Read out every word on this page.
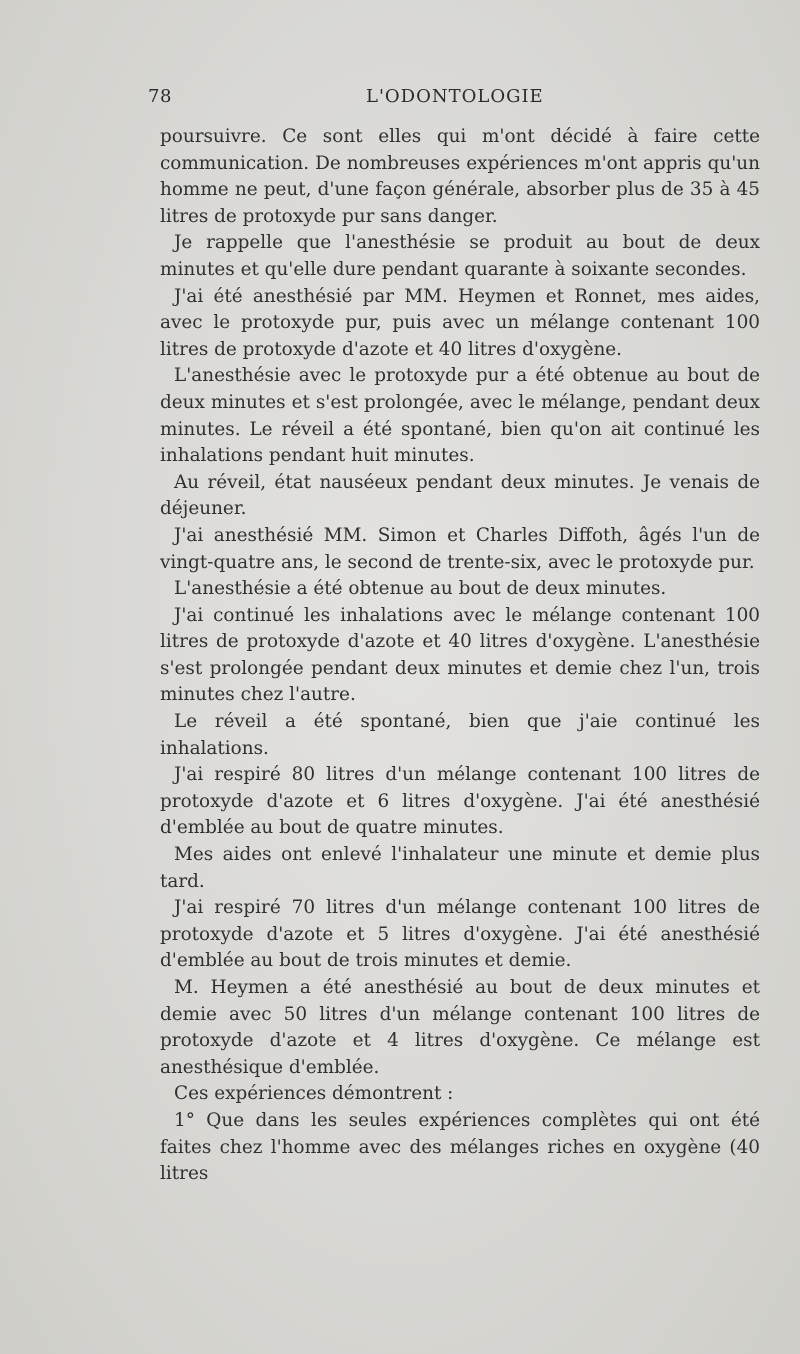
78	L'ODONTOLOGIE

poursuivre. Ce sont elles qui m'ont décidé à faire cette communication. De nombreuses expériences m'ont appris qu'un homme ne peut, d'une façon générale, absorber plus de 35 à 45 litres de protoxyde pur sans danger.

Je rappelle que l'anesthésie se produit au bout de deux minutes et qu'elle dure pendant quarante à soixante secondes.

J'ai été anesthésié par MM. Heymen et Ronnet, mes aides, avec le protoxyde pur, puis avec un mélange contenant 100 litres de protoxyde d'azote et 40 litres d'oxygène.

L'anesthésie avec le protoxyde pur a été obtenue au bout de deux minutes et s'est prolongée, avec le mélange, pendant deux minutes. Le réveil a été spontané, bien qu'on ait continué les inhalations pendant huit minutes.

Au réveil, état nauséeux pendant deux minutes. Je venais de déjeuner.

J'ai anesthésié MM. Simon et Charles Diffoth, âgés l'un de vingt-quatre ans, le second de trente-six, avec le protoxyde pur.

L'anesthésie a été obtenue au bout de deux minutes.

J'ai continué les inhalations avec le mélange contenant 100 litres de protoxyde d'azote et 40 litres d'oxygène. L'anesthésie s'est prolongée pendant deux minutes et demie chez l'un, trois minutes chez l'autre.

Le réveil a été spontané, bien que j'aie continué les inhalations.

J'ai respiré 80 litres d'un mélange contenant 100 litres de protoxyde d'azote et 6 litres d'oxygène. J'ai été anesthésié d'emblée au bout de quatre minutes.

Mes aides ont enlevé l'inhalateur une minute et demie plus tard.

J'ai respiré 70 litres d'un mélange contenant 100 litres de protoxyde d'azote et 5 litres d'oxygène. J'ai été anesthésié d'emblée au bout de trois minutes et demie.

M. Heymen a été anesthésié au bout de deux minutes et demie avec 50 litres d'un mélange contenant 100 litres de protoxyde d'azote et 4 litres d'oxygène. Ce mélange est anesthésique d'emblée.

Ces expériences démontrent :

1° Que dans les seules expériences complètes qui ont été faites chez l'homme avec des mélanges riches en oxygène (40 litres
